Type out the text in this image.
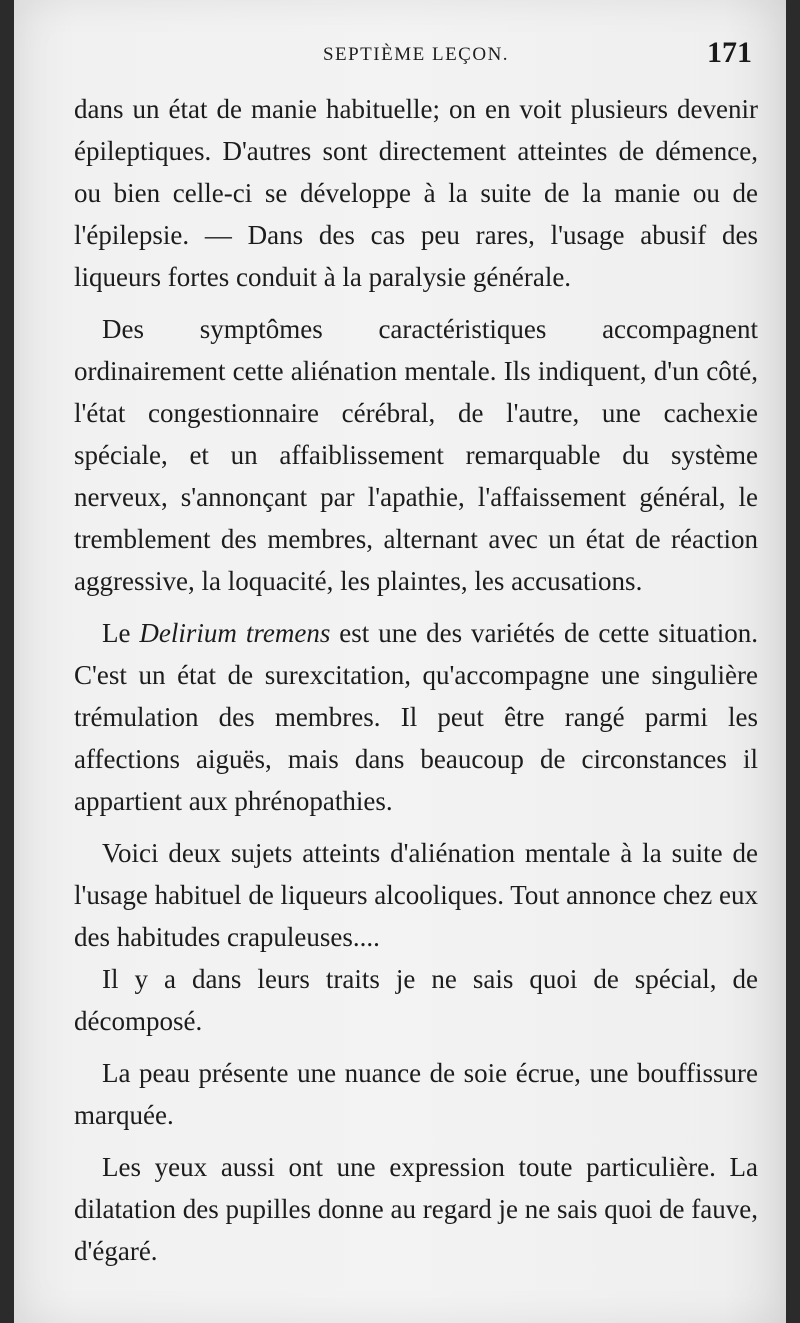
SEPTIÈME LEÇON.	171

dans un état de manie habituelle; on en voit plusieurs devenir épileptiques. D'autres sont directement atteintes de démence, ou bien celle-ci se développe à la suite de la manie ou de l'épilepsie. — Dans des cas peu rares, l'usage abusif des liqueurs fortes conduit à la paralysie générale.

Des symptômes caractéristiques accompagnent ordinairement cette aliénation mentale. Ils indiquent, d'un côté, l'état congestionnaire cérébral, de l'autre, une cachexie spéciale, et un affaiblissement remarquable du système nerveux, s'annonçant par l'apathie, l'affaissement général, le tremblement des membres, alternant avec un état de réaction aggressive, la loquacité, les plaintes, les accusations.

Le Delirium tremens est une des variétés de cette situation. C'est un état de surexcitation, qu'accompagne une singulière trémulation des membres. Il peut être rangé parmi les affections aiguës, mais dans beaucoup de circonstances il appartient aux phrénopathies.

Voici deux sujets atteints d'aliénation mentale à la suite de l'usage habituel de liqueurs alcooliques. Tout annonce chez eux des habitudes crapuleuses....

Il y a dans leurs traits je ne sais quoi de spécial, de décomposé.

La peau présente une nuance de soie écrue, une bouffissure marquée.

Les yeux aussi ont une expression toute particulière. La dilatation des pupilles donne au regard je ne sais quoi de fauve, d'égaré.
